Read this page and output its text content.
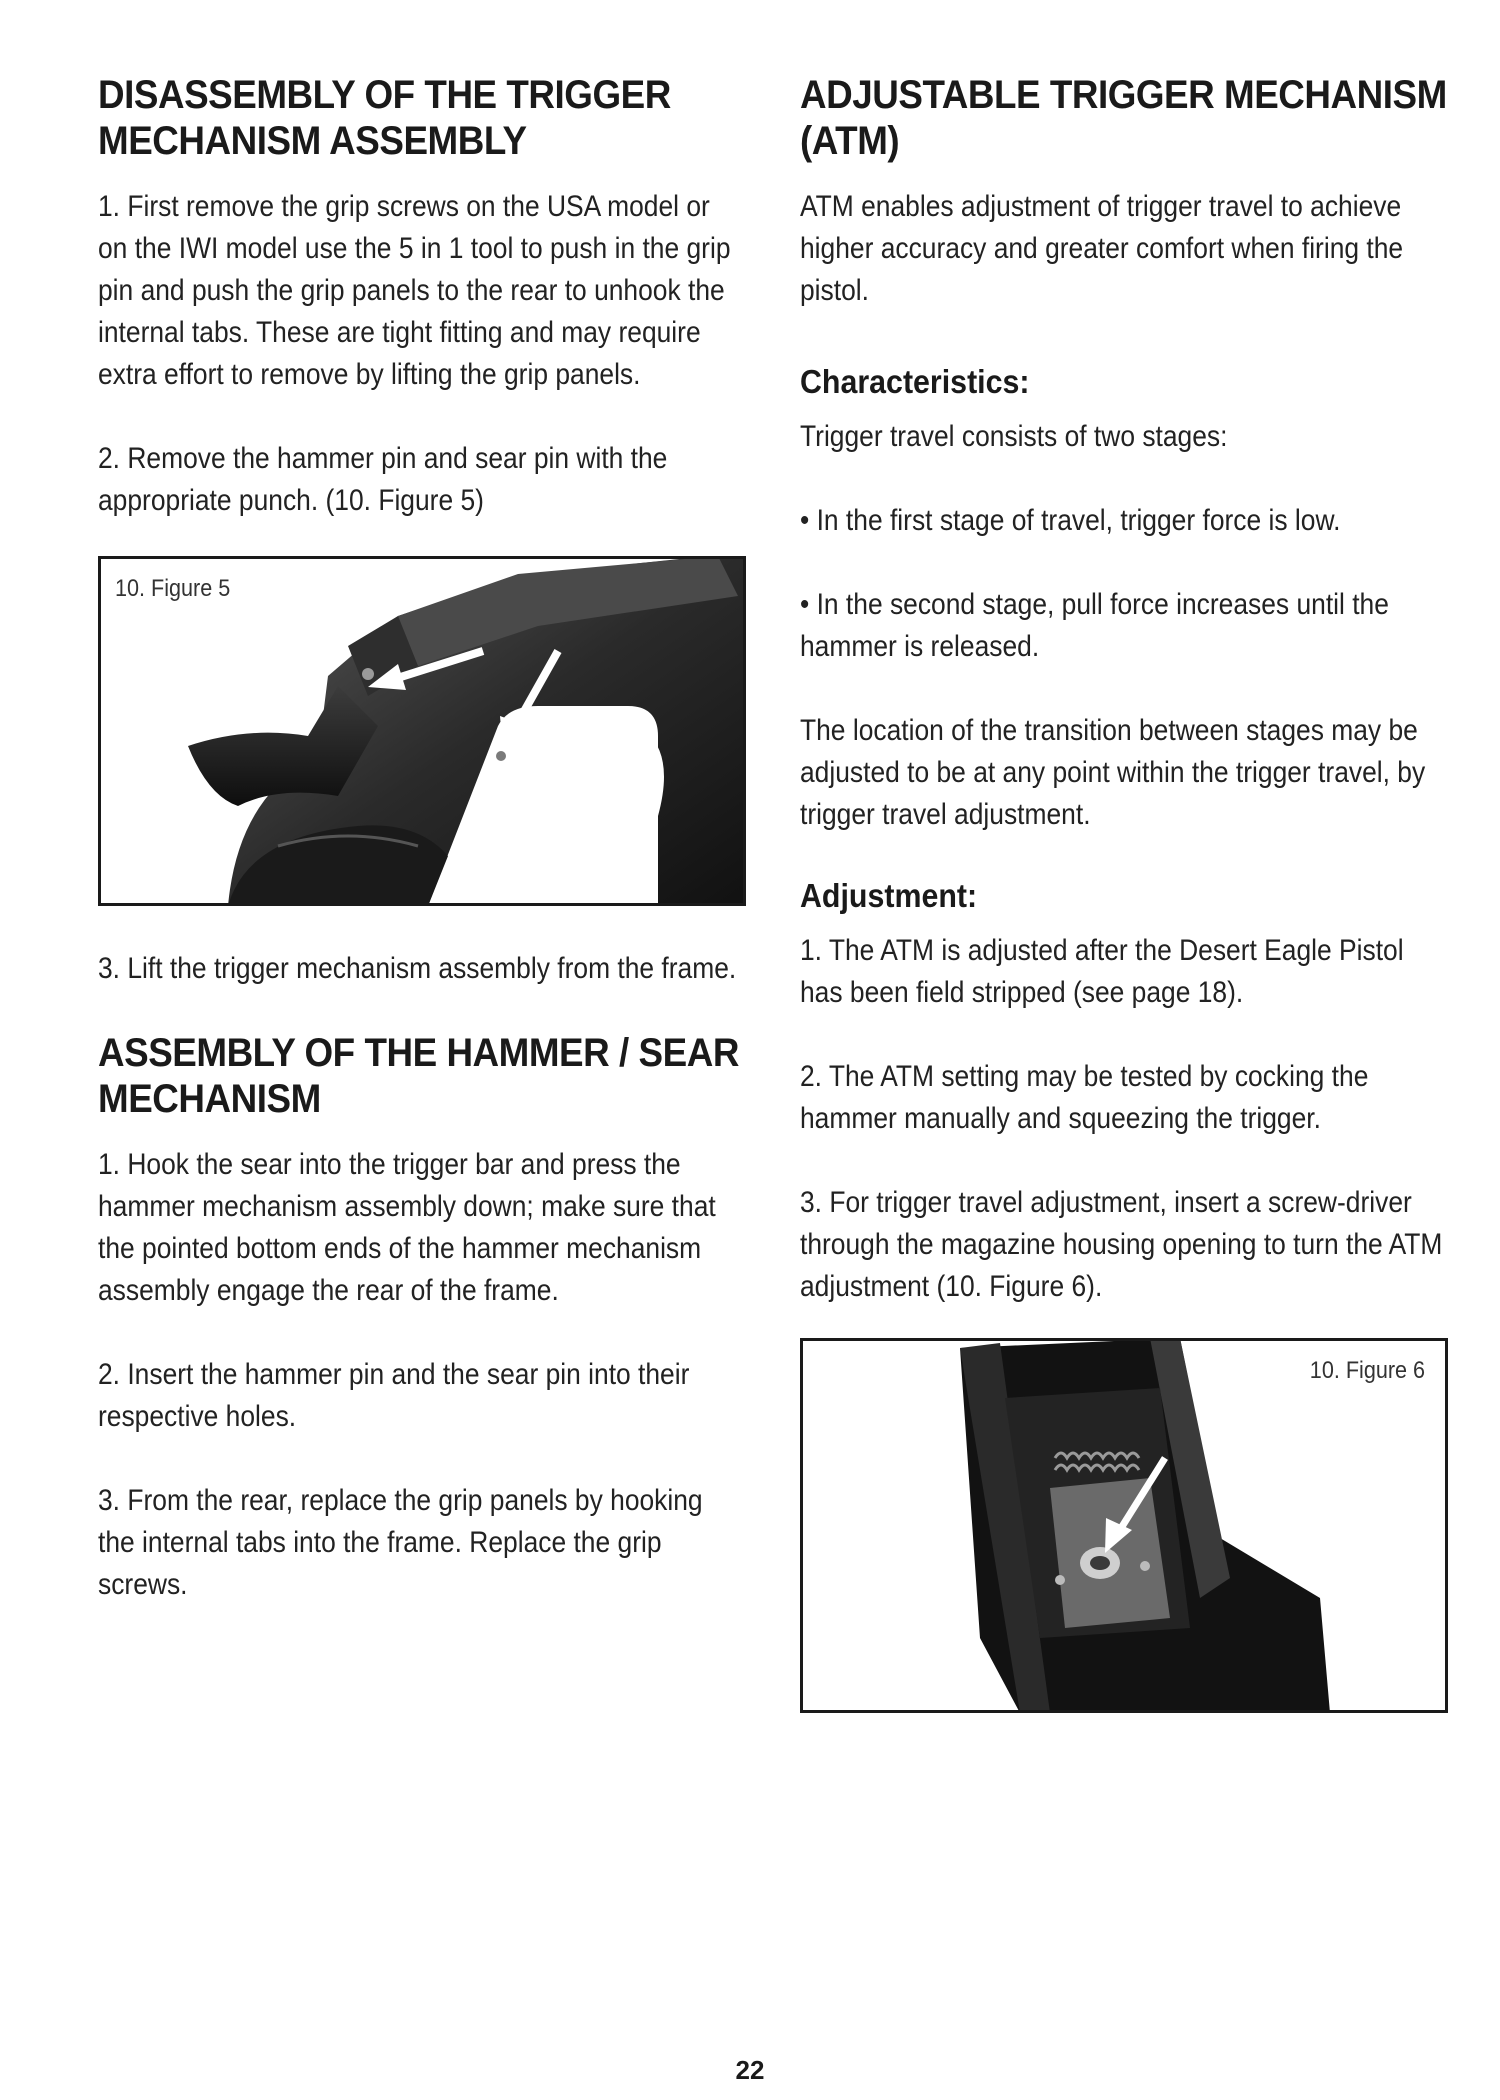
DISASSEMBLY OF THE TRIGGER
MECHANISM ASSEMBLY

1. First remove the grip screws on the USA model or on the IWI model use the 5 in 1 tool to push in the grip pin and push the grip panels to the rear to unhook the internal tabs. These are tight fitting and may require extra effort to remove by lifting the grip panels.

2. Remove the hammer pin and sear pin with the appropriate punch. (10. Figure 5)

10. Figure 5

3. Lift the trigger mechanism assembly from the frame.

ASSEMBLY OF THE HAMMER / SEAR
MECHANISM

1. Hook the sear into the trigger bar and press the hammer mechanism assembly down; make sure that the pointed bottom ends of the hammer mechanism assembly engage the rear of the frame.

2. Insert the hammer pin and the sear pin into their respective holes.

3. From the rear, replace the grip panels by hooking the internal tabs into the frame. Replace the grip screws.

ADJUSTABLE TRIGGER MECHANISM
(ATM)

ATM enables adjustment of trigger travel to achieve higher accuracy and greater comfort when firing the pistol.

Characteristics:

Trigger travel consists of two stages:

• In the first stage of travel, trigger force is low.

• In the second stage, pull force increases until the hammer is released.

The location of the transition between stages may be adjusted to be at any point within the trigger travel, by trigger travel adjustment.

Adjustment:

1. The ATM is adjusted after the Desert Eagle Pistol has been field stripped (see page 18).

2. The ATM setting may be tested by cocking the hammer manually and squeezing the trigger.

3. For trigger travel adjustment, insert a screw-driver through the magazine housing opening to turn the ATM adjustment (10. Figure 6).

10. Figure 6
22
